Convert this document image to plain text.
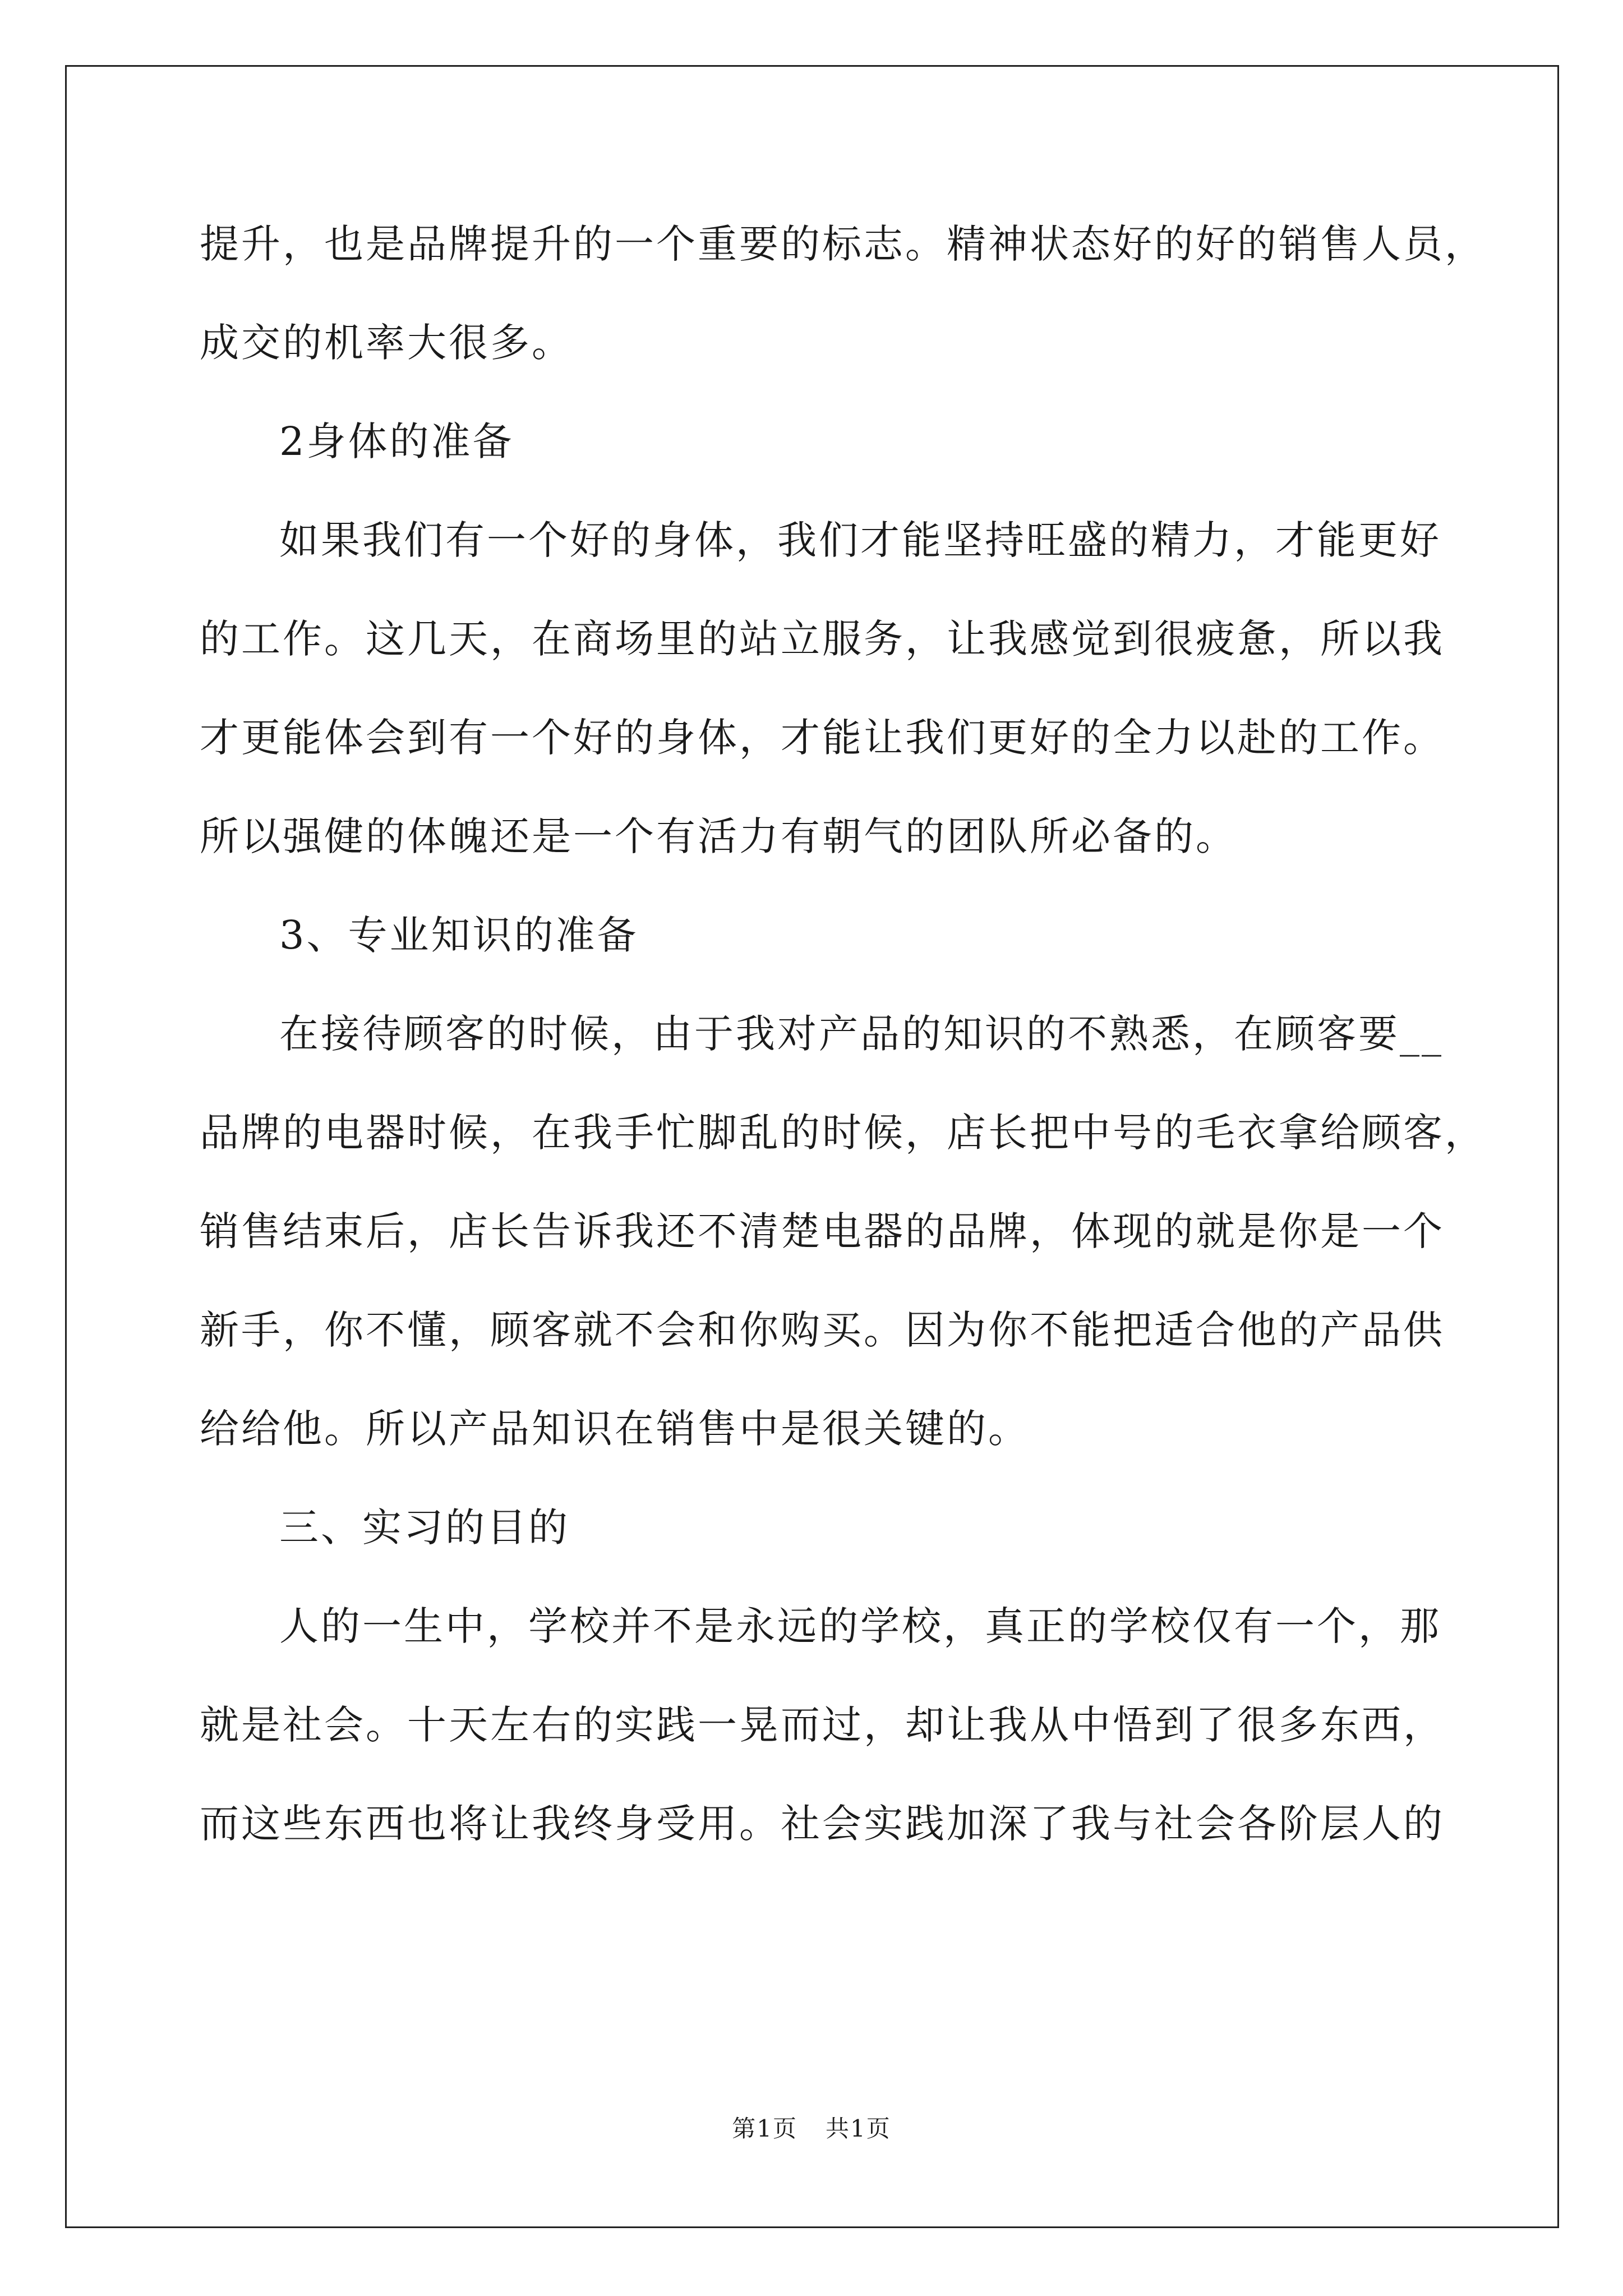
提升，也是品牌提升的一个重要的标志。精神状态好的好的销售人员，
成交的机率大很多。
2身体的准备
如果我们有一个好的身体，我们才能坚持旺盛的精力，才能更好
的工作。这几天，在商场里的站立服务，让我感觉到很疲惫，所以我
才更能体会到有一个好的身体，才能让我们更好的全力以赴的工作。
所以强健的体魄还是一个有活力有朝气的团队所必备的。
3、专业知识的准备
在接待顾客的时候，由于我对产品的知识的不熟悉，在顾客要__
品牌的电器时候，在我手忙脚乱的时候，店长把中号的毛衣拿给顾客，
销售结束后，店长告诉我还不清楚电器的品牌，体现的就是你是一个
新手，你不懂，顾客就不会和你购买。因为你不能把适合他的产品供
给给他。所以产品知识在销售中是很关键的。
三、实习的目的
人的一生中，学校并不是永远的学校，真正的学校仅有一个，那
就是社会。十天左右的实践一晃而过，却让我从中悟到了很多东西，
而这些东西也将让我终身受用。社会实践加深了我与社会各阶层人的
第1页 共1页
